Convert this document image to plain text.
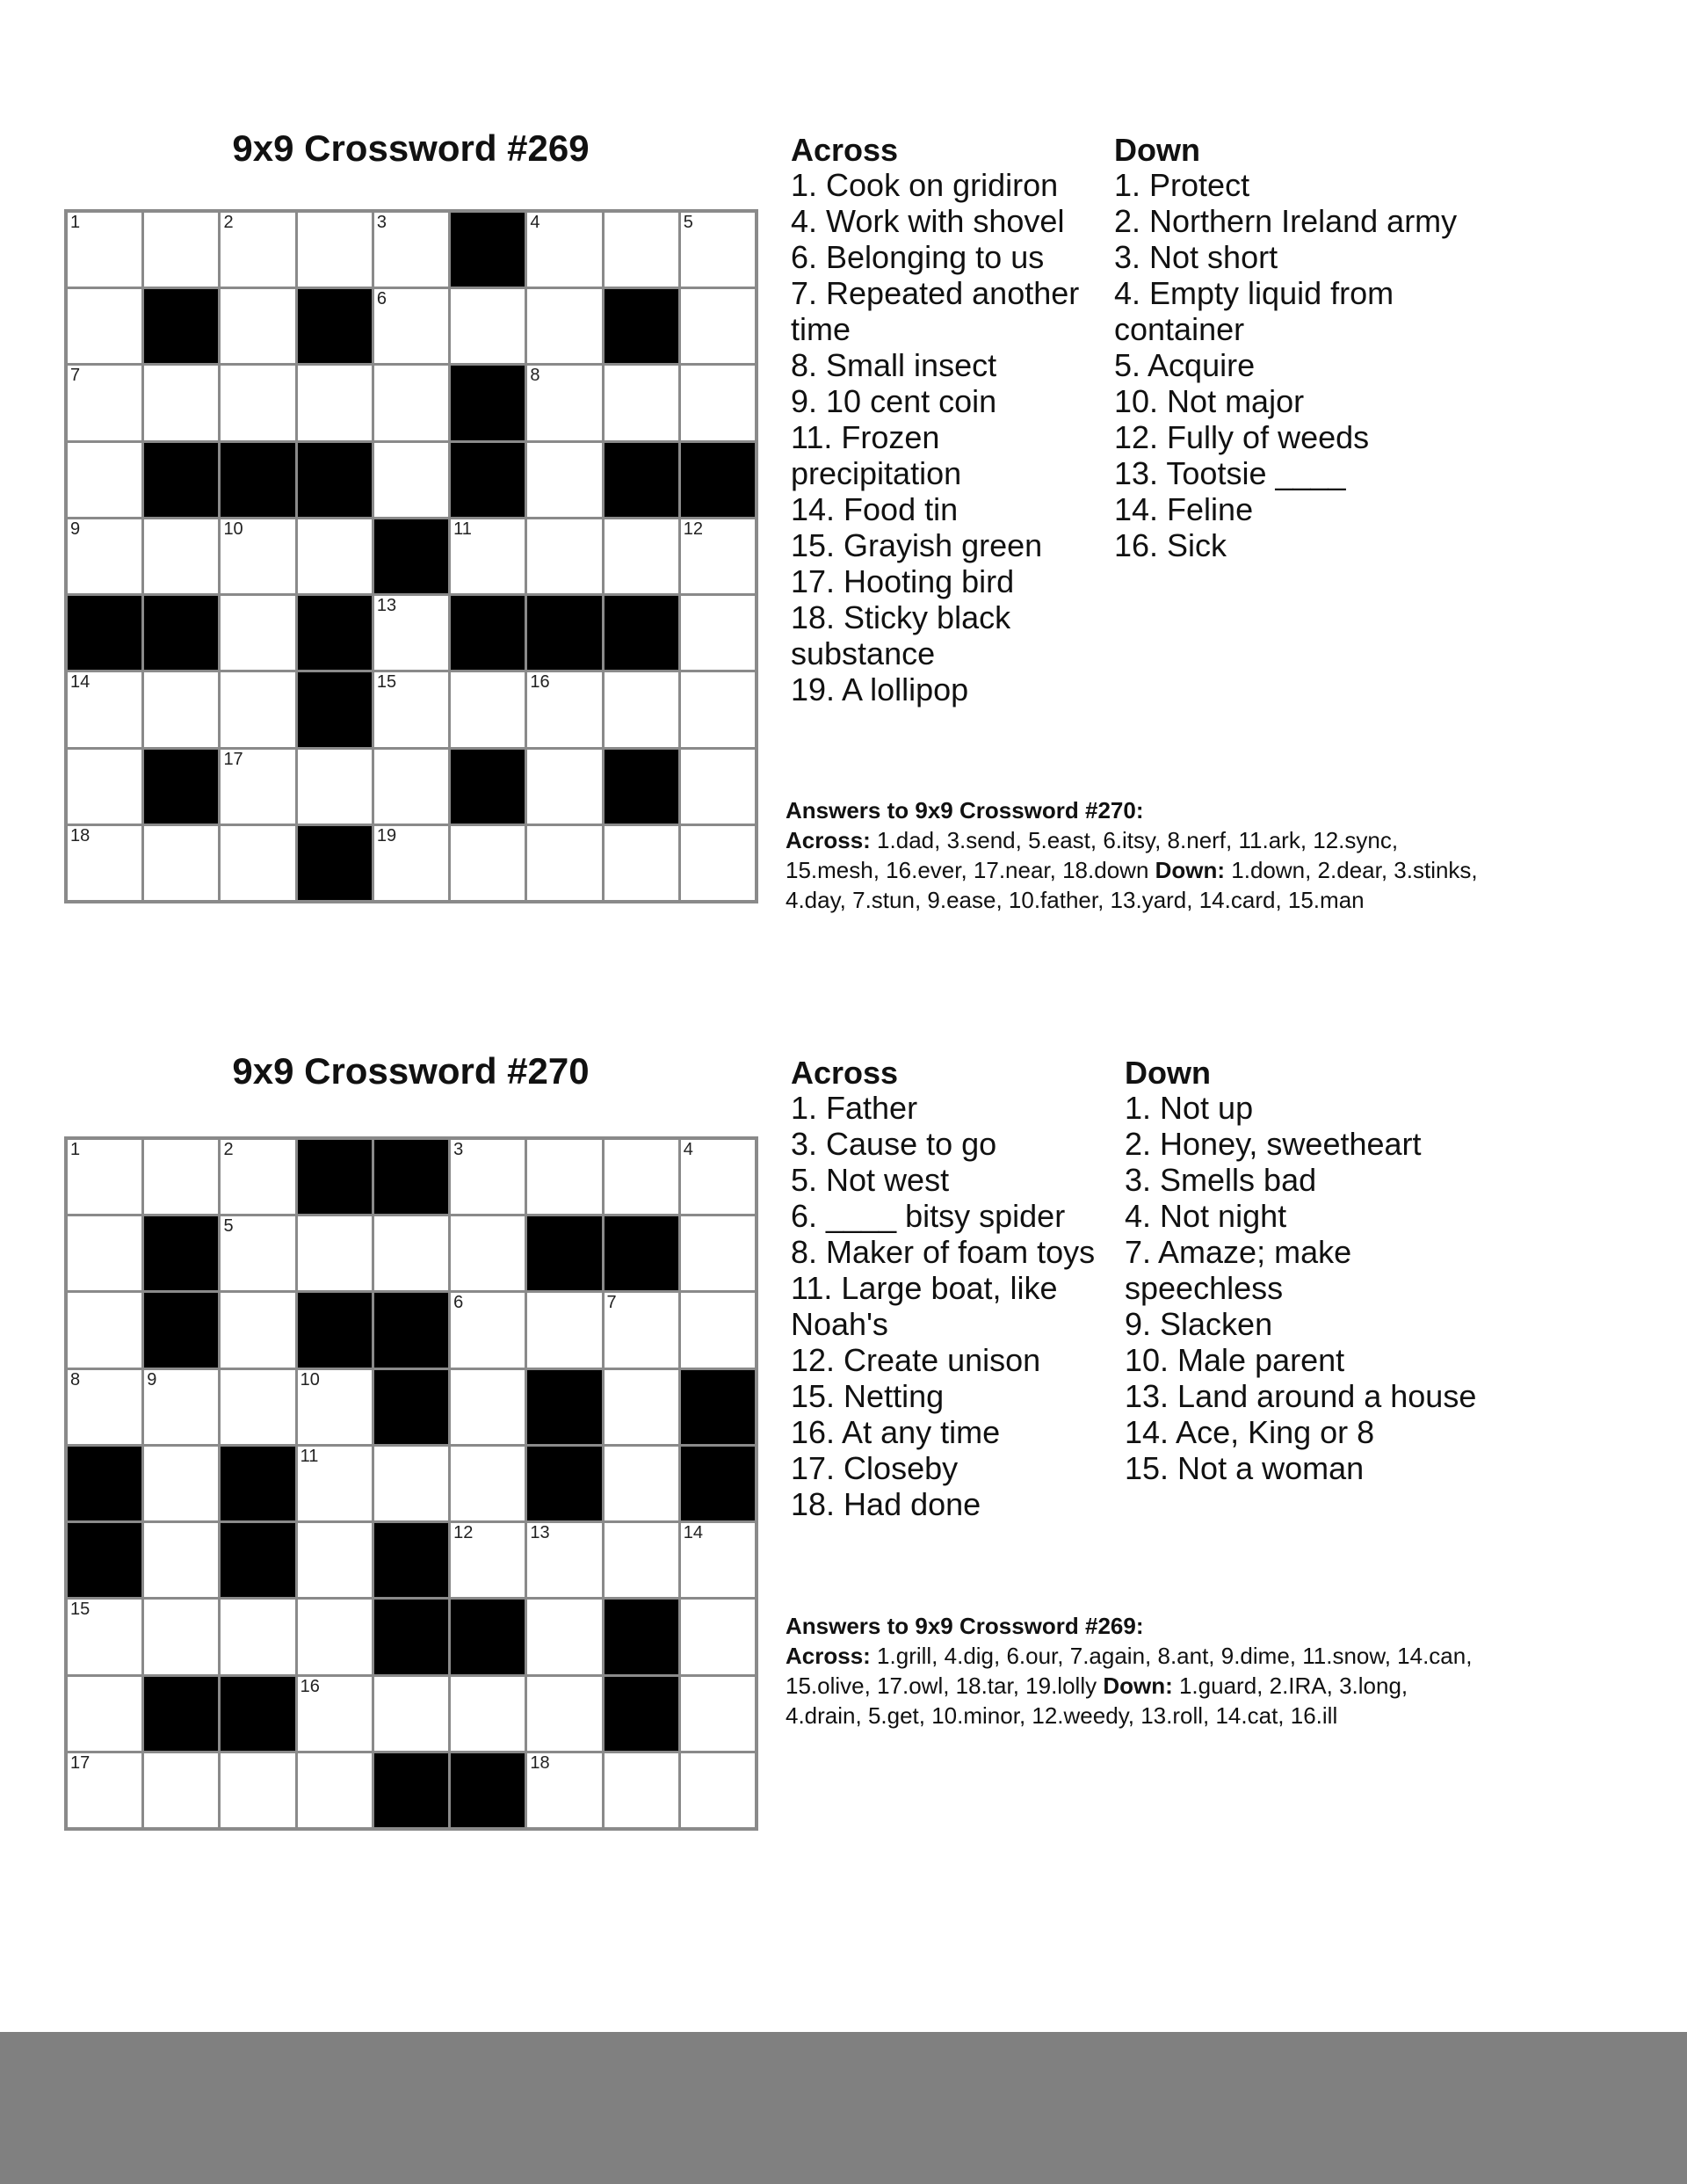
9x9 Crossword #269
1	2	3	4	5
6
7	8
9	10	11	12
13
14	15	16
17
18	19
Across
1. Cook on gridiron
4. Work with shovel
6. Belonging to us
7. Repeated another time
8. Small insect
9. 10 cent coin
11. Frozen precipitation
14. Food tin
15. Grayish green
17. Hooting bird
18. Sticky black substance
19. A lollipop
Down
1. Protect
2. Northern Ireland army
3. Not short
4. Empty liquid from container
5. Acquire
10. Not major
12. Fully of weeds
13. Tootsie ____
14. Feline
16. Sick
Answers to 9x9 Crossword #270:
Across: 1.dad, 3.send, 5.east, 6.itsy, 8.nerf, 11.ark, 12.sync, 15.mesh, 16.ever, 17.near, 18.down Down: 1.down, 2.dear, 3.stinks, 4.day, 7.stun, 9.ease, 10.father, 13.yard, 14.card, 15.man
9x9 Crossword #270
1	2	3	4
5
6	7
8	9	10
11
12	13	14
15
16
17	18
Across
1. Father
3. Cause to go
5. Not west
6. ____ bitsy spider
8. Maker of foam toys
11. Large boat, like Noah's
12. Create unison
15. Netting
16. At any time
17. Closeby
18. Had done
Down
1. Not up
2. Honey, sweetheart
3. Smells bad
4. Not night
7. Amaze; make speechless
9. Slacken
10. Male parent
13. Land around a house
14. Ace, King or 8
15. Not a woman
Answers to 9x9 Crossword #269:
Across: 1.grill, 4.dig, 6.our, 7.again, 8.ant, 9.dime, 11.snow, 14.can, 15.olive, 17.owl, 18.tar, 19.lolly Down: 1.guard, 2.IRA, 3.long, 4.drain, 5.get, 10.minor, 12.weedy, 13.roll, 14.cat, 16.ill
